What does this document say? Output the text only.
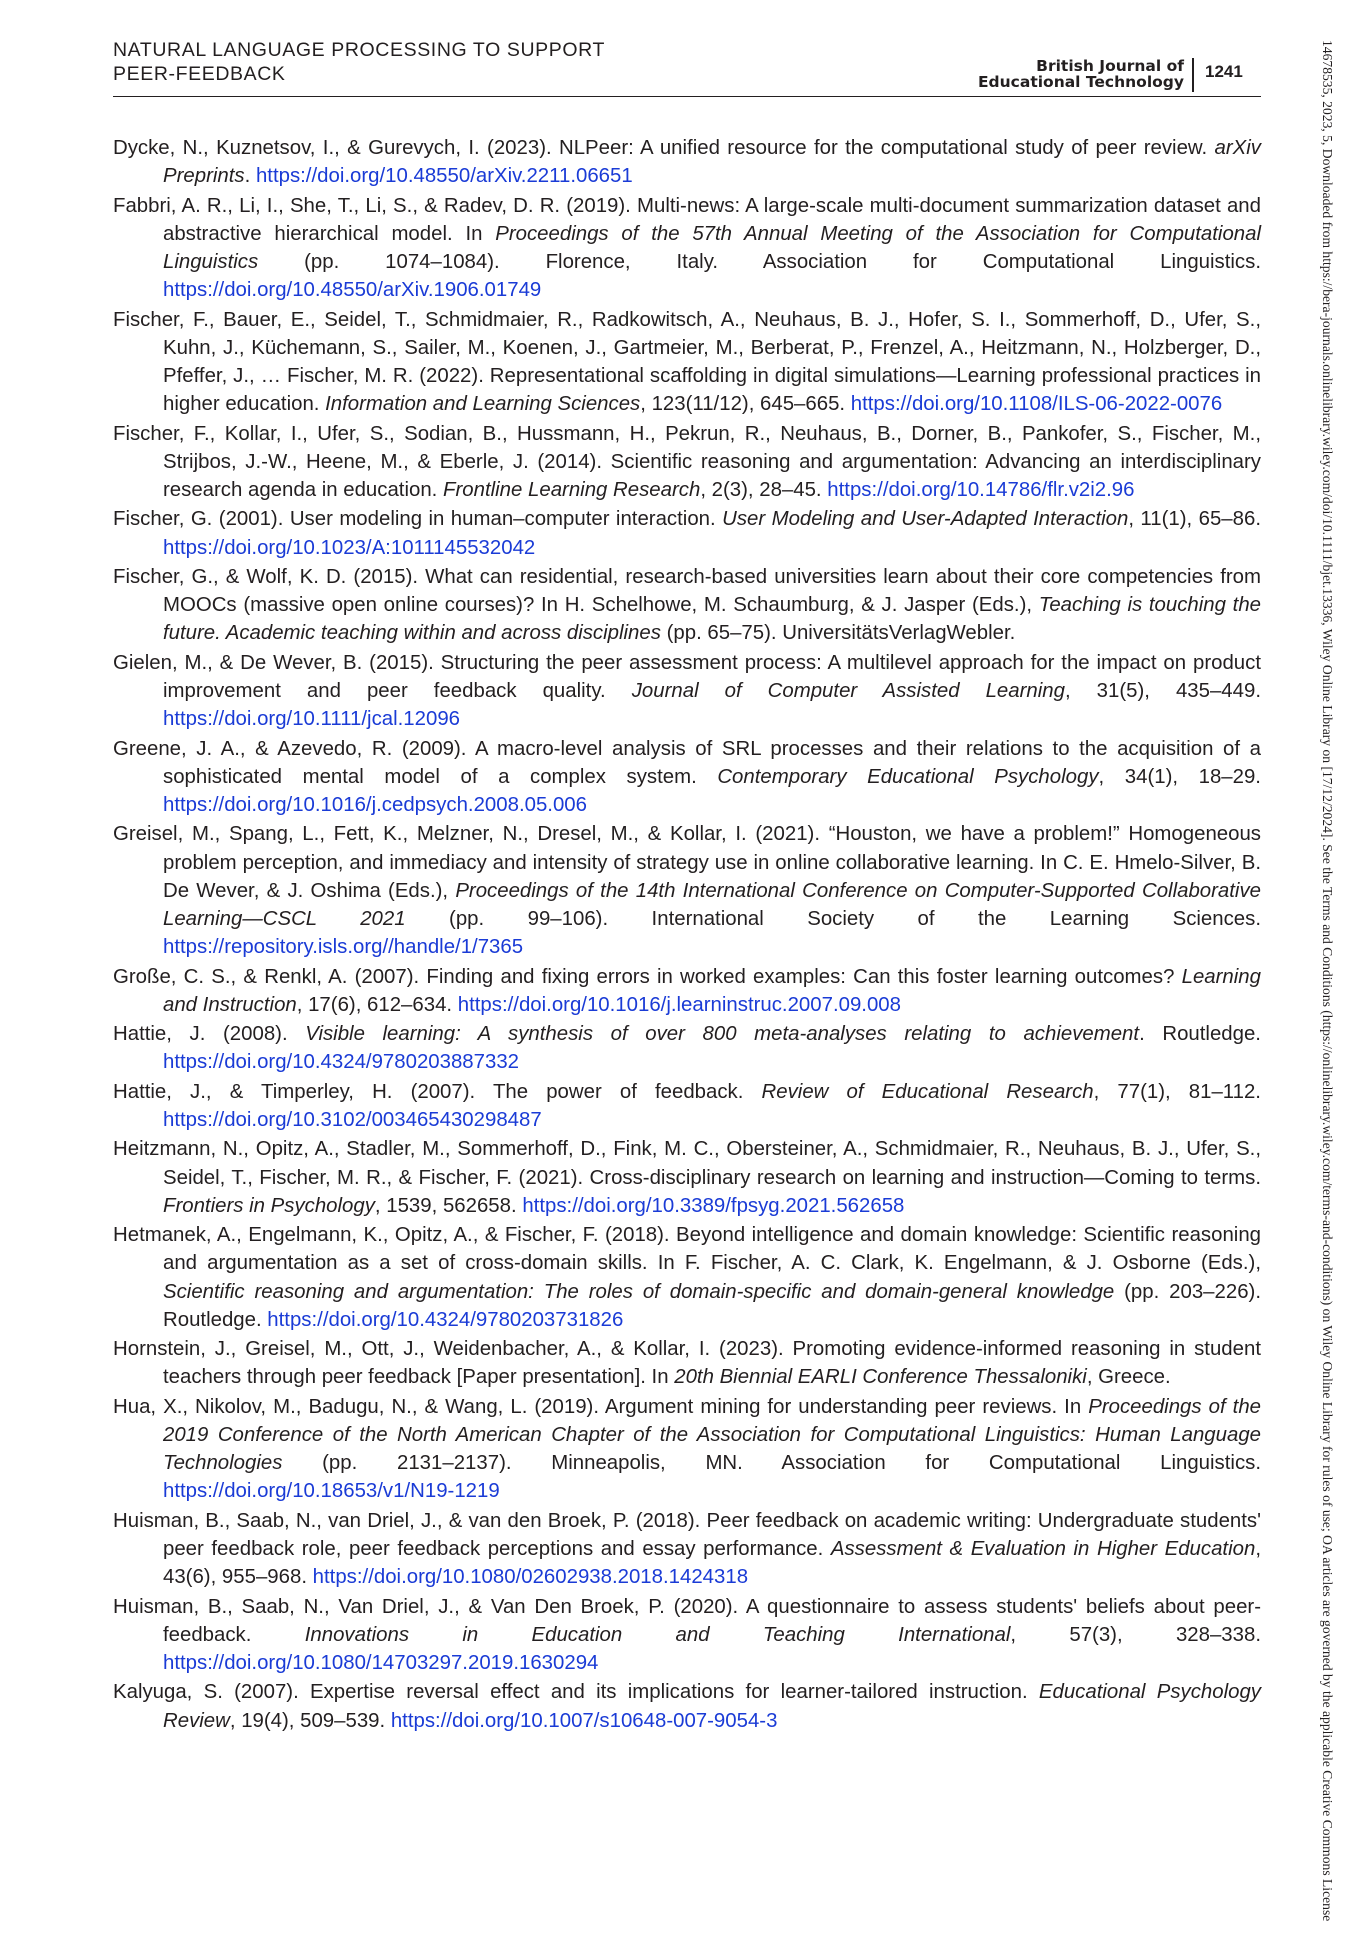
NATURAL LANGUAGE PROCESSING TO SUPPORT
PEER-FEEDBACK	British Journal of
Educational Technology
1241

Dycke, N., Kuznetsov, I., & Gurevych, I. (2023). NLPeer: A unified resource for the computational study of peer review. arXiv Preprints. https://doi.org/10.48550/arXiv.2211.06651

Fabbri, A. R., Li, I., She, T., Li, S., & Radev, D. R. (2019). Multi-news: A large-scale multi-document summarization dataset and abstractive hierarchical model. In Proceedings of the 57th Annual Meeting of the Association for Computational Linguistics (pp. 1074–1084). Florence, Italy. Association for Computational Linguistics. https://doi.org/10.48550/arXiv.1906.01749

Fischer, F., Bauer, E., Seidel, T., Schmidmaier, R., Radkowitsch, A., Neuhaus, B. J., Hofer, S. I., Sommerhoff, D., Ufer, S., Kuhn, J., Küchemann, S., Sailer, M., Koenen, J., Gartmeier, M., Berberat, P., Frenzel, A., Heitzmann, N., Holzberger, D., Pfeffer, J., … Fischer, M. R. (2022). Representational scaffolding in digital simulations—Learning professional practices in higher education. Information and Learning Sciences, 123(11/12), 645–665. https://doi.org/10.1108/ILS-06-2022-0076

Fischer, F., Kollar, I., Ufer, S., Sodian, B., Hussmann, H., Pekrun, R., Neuhaus, B., Dorner, B., Pankofer, S., Fischer, M., Strijbos, J.-W., Heene, M., & Eberle, J. (2014). Scientific reasoning and argumentation: Advancing an interdisciplinary research agenda in education. Frontline Learning Research, 2(3), 28–45. https://doi.org/10.14786/flr.v2i2.96

Fischer, G. (2001). User modeling in human–computer interaction. User Modeling and User-Adapted Interaction, 11(1), 65–86. https://doi.org/10.1023/A:1011145532042

Fischer, G., & Wolf, K. D. (2015). What can residential, research-based universities learn about their core competencies from MOOCs (massive open online courses)? In H. Schelhowe, M. Schaumburg, & J. Jasper (Eds.), Teaching is touching the future. Academic teaching within and across disciplines (pp. 65–75). UniversitätsVerlagWebler.

Gielen, M., & De Wever, B. (2015). Structuring the peer assessment process: A multilevel approach for the impact on product improvement and peer feedback quality. Journal of Computer Assisted Learning, 31(5), 435–449. https://doi.org/10.1111/jcal.12096

Greene, J. A., & Azevedo, R. (2009). A macro-level analysis of SRL processes and their relations to the acquisition of a sophisticated mental model of a complex system. Contemporary Educational Psychology, 34(1), 18–29. https://doi.org/10.1016/j.cedpsych.2008.05.006

Greisel, M., Spang, L., Fett, K., Melzner, N., Dresel, M., & Kollar, I. (2021). “Houston, we have a problem!” Homogeneous problem perception, and immediacy and intensity of strategy use in online collaborative learning. In C. E. Hmelo-Silver, B. De Wever, & J. Oshima (Eds.), Proceedings of the 14th International Conference on Computer-Supported Collaborative Learning—CSCL 2021 (pp. 99–106). International Society of the Learning Sciences. https://repository.isls.org//handle/1/7365

Große, C. S., & Renkl, A. (2007). Finding and fixing errors in worked examples: Can this foster learning outcomes? Learning and Instruction, 17(6), 612–634. https://doi.org/10.1016/j.learninstruc.2007.09.008

Hattie, J. (2008). Visible learning: A synthesis of over 800 meta-analyses relating to achievement. Routledge. https://doi.org/10.4324/9780203887332

Hattie, J., & Timperley, H. (2007). The power of feedback. Review of Educational Research, 77(1), 81–112. https://doi.org/10.3102/003465430298487

Heitzmann, N., Opitz, A., Stadler, M., Sommerhoff, D., Fink, M. C., Obersteiner, A., Schmidmaier, R., Neuhaus, B. J., Ufer, S., Seidel, T., Fischer, M. R., & Fischer, F. (2021). Cross-disciplinary research on learning and instruction—Coming to terms. Frontiers in Psychology, 1539, 562658. https://doi.org/10.3389/fpsyg.2021.562658

Hetmanek, A., Engelmann, K., Opitz, A., & Fischer, F. (2018). Beyond intelligence and domain knowledge: Scientific reasoning and argumentation as a set of cross-domain skills. In F. Fischer, A. C. Clark, K. Engelmann, & J. Osborne (Eds.), Scientific reasoning and argumentation: The roles of domain-specific and domain-general knowledge (pp. 203–226). Routledge. https://doi.org/10.4324/9780203731826

Hornstein, J., Greisel, M., Ott, J., Weidenbacher, A., & Kollar, I. (2023). Promoting evidence-informed reasoning in student teachers through peer feedback [Paper presentation]. In 20th Biennial EARLI Conference Thessaloniki, Greece.

Hua, X., Nikolov, M., Badugu, N., & Wang, L. (2019). Argument mining for understanding peer reviews. In Proceedings of the 2019 Conference of the North American Chapter of the Association for Computational Linguistics: Human Language Technologies (pp. 2131–2137). Minneapolis, MN. Association for Computational Linguistics. https://doi.org/10.18653/v1/N19-1219

Huisman, B., Saab, N., van Driel, J., & van den Broek, P. (2018). Peer feedback on academic writing: Undergraduate students' peer feedback role, peer feedback perceptions and essay performance. Assessment & Evaluation in Higher Education, 43(6), 955–968. https://doi.org/10.1080/02602938.2018.1424318

Huisman, B., Saab, N., Van Driel, J., & Van Den Broek, P. (2020). A questionnaire to assess students' beliefs about peer-feedback. Innovations in Education and Teaching International, 57(3), 328–338. https://doi.org/10.1080/14703297.2019.1630294

Kalyuga, S. (2007). Expertise reversal effect and its implications for learner-tailored instruction. Educational Psychology Review, 19(4), 509–539. https://doi.org/10.1007/s10648-007-9054-3	14678535, 2023, 5, Downloaded from https://bera-journals.onlinelibrary.wiley.com/doi/10.1111/bjet.13336, Wiley Online Library on [17/12/2024]. See the Terms and Conditions (https://onlinelibrary.wiley.com/terms-and-conditions) on Wiley Online Library for rules of use; OA articles are governed by the applicable Creative Commons License
